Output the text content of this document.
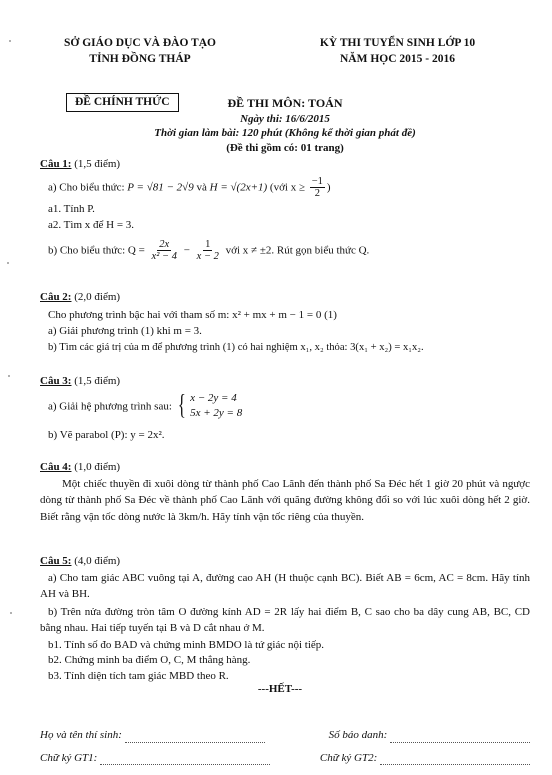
SỞ GIÁO DỤC VÀ ĐÀO TẠO
TỈNH ĐỒNG THÁP
KỲ THI TUYỂN SINH LỚP 10
NĂM HỌC 2015 - 2016
ĐỀ CHÍNH THỨC	ĐỀ THI MÔN: TOÁN
Ngày thi: 16/6/2015
Thời gian làm bài: 120 phút (Không kể thời gian phát đề)
(Đề thi gồm có: 01 trang)
Câu 1: (1,5 điểm)
a) Cho biểu thức: P = √81 − 2√9 và H = √(2x+1) (với $x \ge \frac{-1}{2}$ )
a1. Tính P.
a2. Tìm x để H = 3.
b) Cho biểu thức: $Q = \frac{2x}{\text{x² − 4}} - \frac{1}{x - 2}$ với x ≠ ±2. Rút gọn biểu thức Q.
Câu 2: (2,0 điểm)
Cho phương trình bậc hai với tham số m: x² + mx + m − 1 = 0 (1)
a) Giải phương trình (1) khi m = 3.
b) Tìm các giá trị của m để phương trình (1) có hai nghiệm x₁, x₂ thỏa: 3(x₁ + x₂) = x₁x₂.
Câu 3: (1,5 điểm)
a) Giải hệ phương trình sau: { x − 2y = 4
5x + 2y = 8
b) Vẽ parabol (P): y = 2x².
Câu 4: (1,0 điểm)
Một chiếc thuyền đi xuôi dòng từ thành phố Cao Lãnh đến thành phố Sa Đéc hết 1 giờ 20 phút và ngược dòng từ thành phố Sa Đéc về thành phố Cao Lãnh với quãng đường không đổi so với lúc xuôi dòng hết 2 giờ. Biết rằng vận tốc dòng nước là 3km/h. Hãy tính vận tốc riêng của thuyền.
Câu 5: (4,0 điểm)
a) Cho tam giác ABC vuông tại A, đường cao AH (H thuộc cạnh BC). Biết AB = 6cm, AC = 8cm. Hãy tính AH và BH.
b) Trên nửa đường tròn tâm O đường kính AD = 2R lấy hai điểm B, C sao cho ba dây cung AB, BC, CD bằng nhau. Hai tiếp tuyến tại B và D cắt nhau ở M.
b1. Tính số đo BAD và chứng minh BMDO là tứ giác nội tiếp.
b2. Chứng minh ba điểm O, C, M thẳng hàng.
b3. Tính diện tích tam giác MBD theo R.
---HẾT---
Họ và tên thí sinh:	Số báo danh:
Chữ ký GT1:	Chữ ký GT2:
